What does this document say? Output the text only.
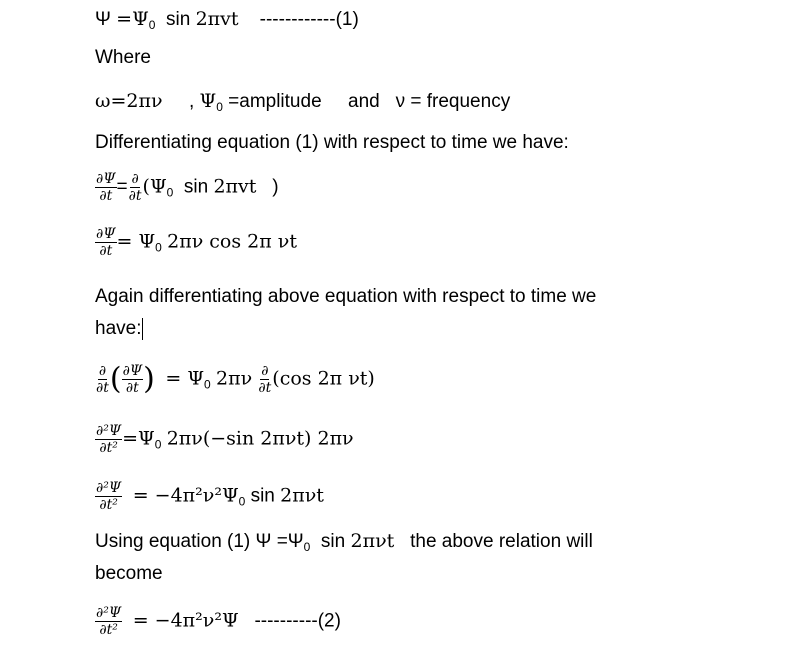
$\Psi =\Psi_0$ sin 2πvt ------------(1)
Where
ω=2πν , $\Psi_0$ =amplitude and ν = frequency
Differentiating equation (1) with respect to time we have:
$\frac{\partial\Psi}{\partial t} = \frac{\partial}{\partial t} (\Psi_0$ sin 2πvt )
$\frac{\partial\Psi}{\partial t} = \Psi_0$ 2πν cos 2π νt
Again differentiating above equation with respect to time we
have:
$\frac{\partial}{\partial t}$ ( $\frac{\partial\Psi}{\partial t}$ ) = $\Psi_0$ $2\pi\nu \frac{\partial}{\partial t} (\cos$ 2π νt)
$\frac{\text{∂²Ψ}}{\text{∂t²}} =\Psi_0$ 2πν(−sin 2πνt) 2πν
$\frac{\text{∂²Ψ}}{\text{∂t²}} = -4\pi^2\nu^2\Psi_0$ sin 2πνt
Using equation (1) $\Psi =\Psi_0$ sin 2πνt the above relation will
become
$\frac{\text{∂²Ψ}}{\text{∂t²}} = -4\pi^2\nu^2\Psi$ ----------(2)
